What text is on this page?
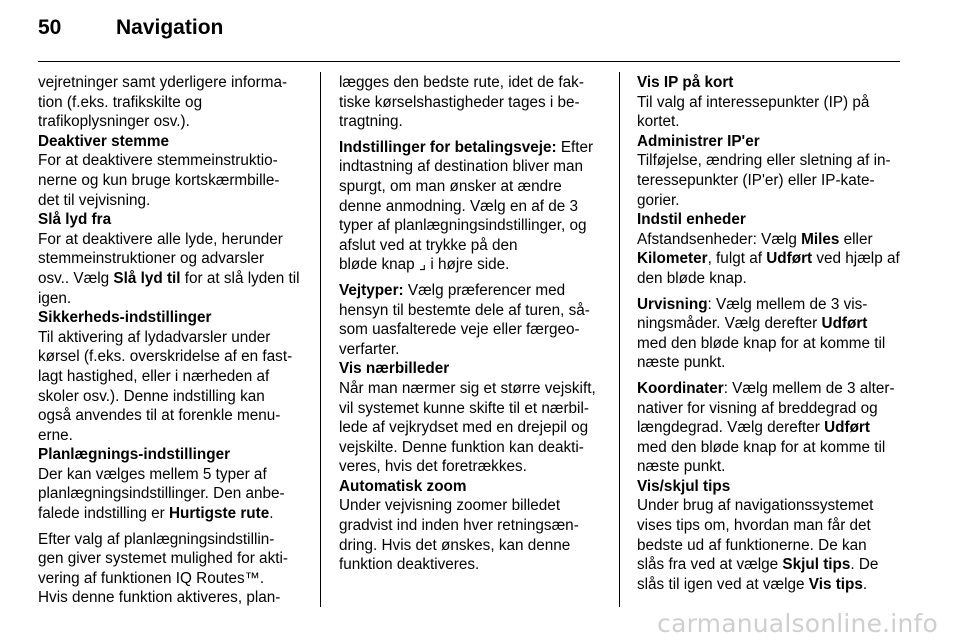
50	Navigation

vejretninger samt yderligere informa-
tion (f.eks. trafikskilte og
trafikoplysninger osv.).

Deaktiver stemme

For at deaktivere stemmeinstruktio-
nerne og kun bruge kortskærmbille-
det til vejvisning.

Slå lyd fra

For at deaktivere alle lyde, herunder
stemmeinstruktioner og advarsler
osv.. Vælg Slå lyd til for at slå lyden til
igen.

Sikkerheds-indstillinger

Til aktivering af lydadvarsler under
kørsel (f.eks. overskridelse af en fast-
lagt hastighed, eller i nærheden af
skoler osv.). Denne indstilling kan
også anvendes til at forenkle menu-
erne.

Planlægnings-indstillinger

Der kan vælges mellem 5 typer af
planlægningsindstillinger. Den anbe-
falede indstilling er Hurtigste rute.

Efter valg af planlægningsindstillin-
gen giver systemet mulighed for akti-
vering af funktionen IQ Routes™.
Hvis denne funktion aktiveres, plan-

lægges den bedste rute, idet de fak-
tiske kørselshastigheder tages i be-
tragtning.

Indstillinger for betalingsveje: Efter
indtastning af destination bliver man
spurgt, om man ønsker at ændre
denne anmodning. Vælg en af de 3
typer af planlægningsindstillinger, og
afslut ved at trykke på den
bløde knap ⌟ i højre side.

Vejtyper: Vælg præferencer med
hensyn til bestemte dele af turen, så-
som uasfalterede veje eller færgeo-
verfarter.

Vis nærbilleder

Når man nærmer sig et større vejskift,
vil systemet kunne skifte til et nærbil-
lede af vejkrydset med en drejepil og
vejskilte. Denne funktion kan deakti-
veres, hvis det foretrækkes.

Automatisk zoom

Under vejvisning zoomer billedet
gradvist ind inden hver retningsæn-
dring. Hvis det ønskes, kan denne
funktion deaktiveres.

Vis IP på kort

Til valg af interessepunkter (IP) på
kortet.

Administrer IP'er

Tilføjelse, ændring eller sletning af in-
teressepunkter (IP'er) eller IP-kate-
gorier.

Indstil enheder

Afstandsenheder: Vælg Miles eller
Kilometer, fulgt af Udført ved hjælp af
den bløde knap.

Urvisning: Vælg mellem de 3 vis-
ningsmåder. Vælg derefter Udført
med den bløde knap for at komme til
næste punkt.

Koordinater: Vælg mellem de 3 alter-
nativer for visning af breddegrad og
længdegrad. Vælg derefter Udført
med den bløde knap for at komme til
næste punkt.

Vis/skjul tips

Under brug af navigationssystemet
vises tips om, hvordan man får det
bedste ud af funktionerne. De kan
slås fra ved at vælge Skjul tips. De
slås til igen ved at vælge Vis tips.

carmanualsonline.info
